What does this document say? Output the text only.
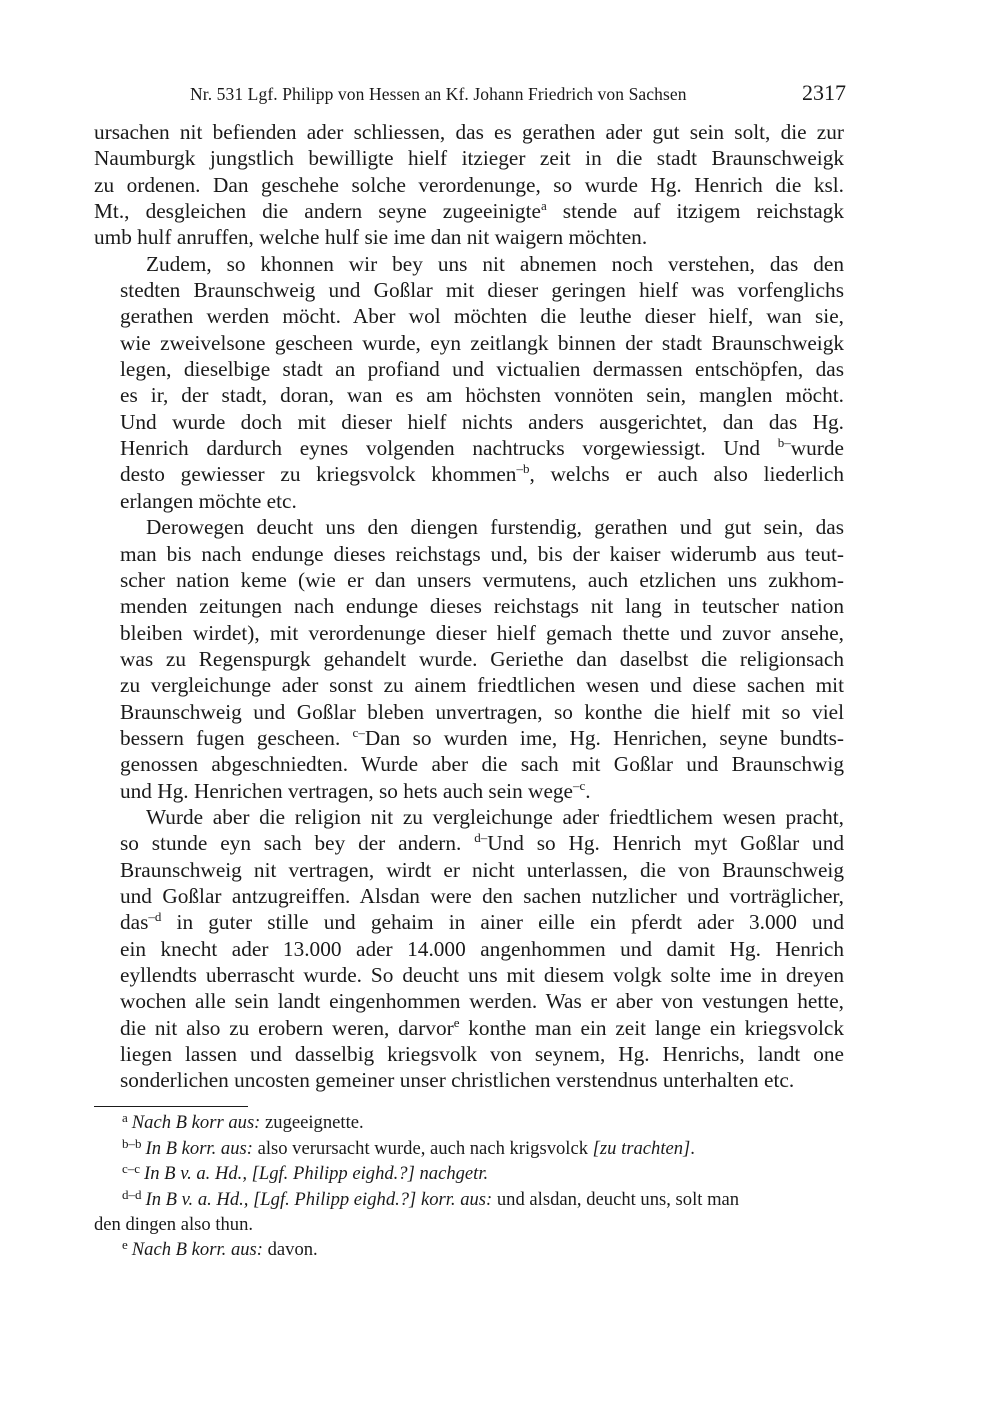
Nr. 531 Lgf. Philipp von Hessen an Kf. Johann Friedrich von Sachsen	2317

ursachen nit befienden ader schliessen, das es gerathen ader gut sein solt, die zur
Naumburgk jungstlich bewilligte hielf itzieger zeit in die stadt Braunschweigk
zu ordenen. Dan geschehe solche verordenunge, so wurde Hg. Henrich die ksl.
Mt., desgleichen die andern seyne zugeeinigte$^a$ stende auf itzigem reichstagk
umb hulf anruffen, welche hulf sie ime dan nit waigern möchten.

Zudem, so khonnen wir bey uns nit abnemen noch verstehen, das den
stedten Braunschweig und Goßlar mit dieser geringen hielf was vorfenglichs
gerathen werden möcht. Aber wol möchten die leuthe dieser hielf, wan sie,
wie zweivelsone gescheen wurde, eyn zeitlangk binnen der stadt Braunschweigk
legen, dieselbige stadt an profiand und victualien dermassen entschöpfen, das
es ir, der stadt, doran, wan es am höchsten vonnöten sein, manglen möcht.
Und wurde doch mit dieser hielf nichts anders ausgerichtet, dan das Hg.
Henrich dardurch eynes volgenden nachtrucks vorgewiessigt. Und $^{b-}$wurde
desto gewiesser zu kriegsvolck khommen$^{-b}$, welchs er auch also liederlich
erlangen möchte etc.

Derowegen deucht uns den diengen furstendig, gerathen und gut sein, das
man bis nach endunge dieses reichstags und, bis der kaiser widerumb aus teut-
scher nation keme (wie er dan unsers vermutens, auch etzlichen uns zukhom-
menden zeitungen nach endunge dieses reichstags nit lang in teutscher nation
bleiben wirdet), mit verordenunge dieser hielf gemach thette und zuvor ansehe,
was zu Regenspurgk gehandelt wurde. Geriethe dan daselbst die religionsach
zu vergleichunge ader sonst zu ainem friedtlichen wesen und diese sachen mit
Braunschweig und Goßlar bleben unvertragen, so konthe die hielf mit so viel
bessern fugen gescheen. $^{c-}$Dan so wurden ime, Hg. Henrichen, seyne bundts-
genossen abgeschniedten. Wurde aber die sach mit Goßlar und Braunschwig
und Hg. Henrichen vertragen, so hets auch sein wege$^{-c}$.

Wurde aber die religion nit zu vergleichunge ader friedtlichem wesen pracht,
so stunde eyn sach bey der andern. $^{d-}$Und so Hg. Henrich myt Goßlar und
Braunschweig nit vertragen, wirdt er nicht unterlassen, die von Braunschweig
und Goßlar antzugreiffen. Alsdan were den sachen nutzlicher und vorträglicher,
das$^{-d}$ in guter stille und gehaim in ainer eille ein pferdt ader 3.000 und
ein knecht ader 13.000 ader 14.000 angenhommen und damit Hg. Henrich
eyllendts uberrascht wurde. So deucht uns mit diesem volgk solte ime in dreyen
wochen alle sein landt eingenhommen werden. Was er aber von vestungen hette,
die nit also zu erobern weren, darvor$^e$ konthe man ein zeit lange ein kriegsvolck
liegen lassen und dasselbig kriegsvolk von seynem, Hg. Henrichs, landt one
sonderlichen uncosten gemeiner unser christlichen verstendnus unterhalten etc.

$^a$ Nach B korr aus: zugeeignette.
$^{b-b}$ In B korr. aus: also verursacht wurde, auch nach krigsvolck [zu trachten].
$^{c-c}$ In B v. a. Hd., [Lgf. Philipp eighd.?] nachgetr.
$^{d-d}$ In B v. a. Hd., [Lgf. Philipp eighd.?] korr. aus: und alsdan, deucht uns, solt man
den dingen also thun.
$^e$ Nach B korr. aus: davon.
